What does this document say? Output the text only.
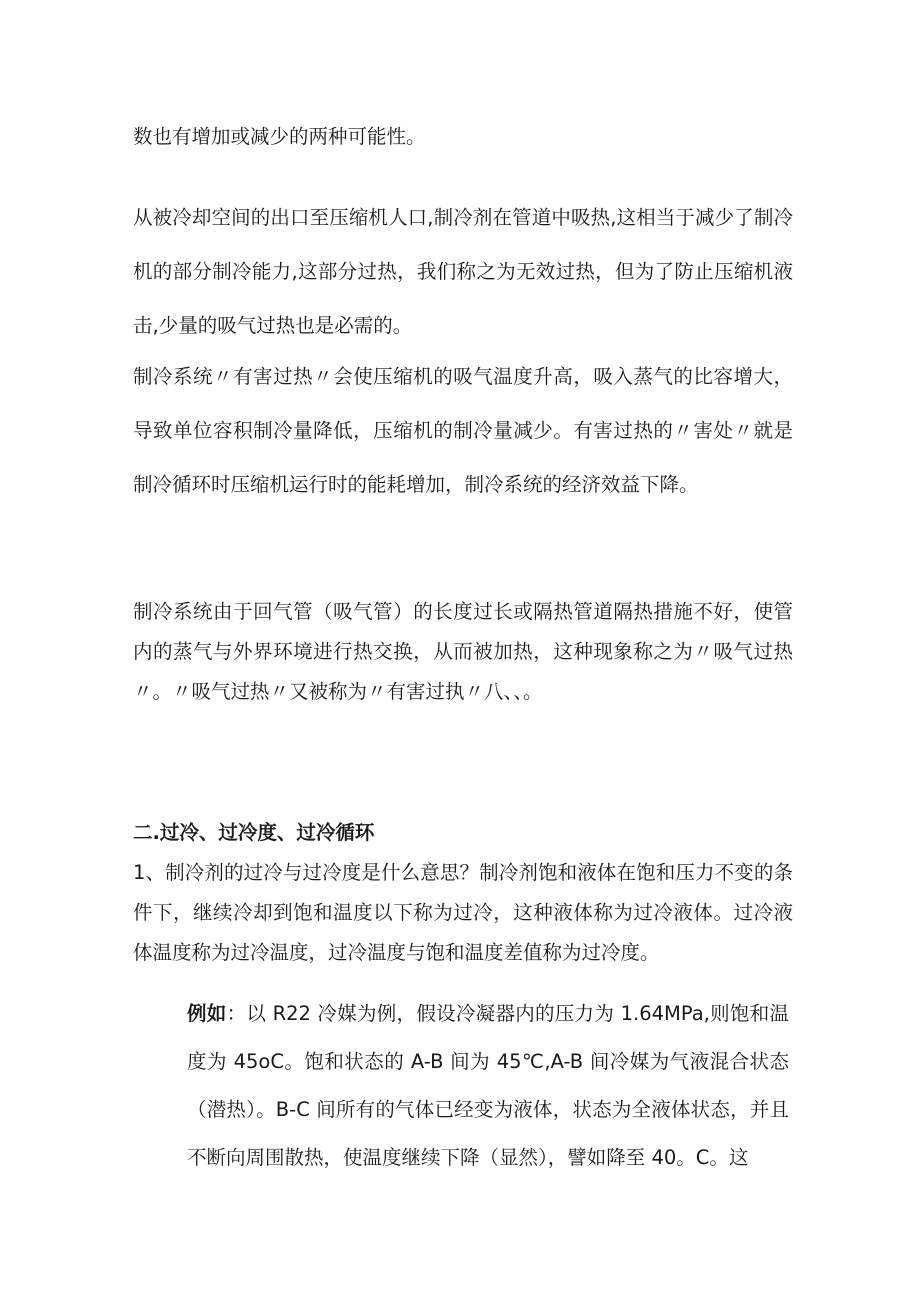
数也有增加或减少的两种可能性。

从被冷却空间的出口至压缩机人口,制冷剂在管道中吸热,这相当于减少了制冷机的部分制冷能力,这部分过热，我们称之为无效过热，但为了防止压缩机液击,少量的吸气过热也是必需的。

制冷系统〃有害过热〃会使压缩机的吸气温度升高，吸入蒸气的比容增大，导致单位容积制冷量降低，压缩机的制冷量减少。有害过热的〃害处〃就是制冷循环时压缩机运行时的能耗增加，制冷系统的经济效益下降。

制冷系统由于回气管（吸气管）的长度过长或隔热管道隔热措施不好，使管内的蒸气与外界环境进行热交换，从而被加热，这种现象称之为〃吸气过热〃。〃吸气过热〃又被称为〃有害过执〃八、、。

二.过冷、过冷度、过冷循环

1、制冷剂的过冷与过冷度是什么意思？制冷剂饱和液体在饱和压力不变的条件下，继续冷却到饱和温度以下称为过冷，这种液体称为过冷液体。过冷液体温度称为过冷温度，过冷温度与饱和温度差值称为过冷度。

例如：以 R22 冷媒为例，假设冷凝器内的压力为 1.64MPa,则饱和温度为 45oC。饱和状态的 A-B 间为 45℃,A-B 间冷媒为气液混合状态（潜热）。B-C 间所有的气体已经变为液体，状态为全液体状态，并且不断向周围散热，使温度继续下降（显然），譬如降至 40。C。这
